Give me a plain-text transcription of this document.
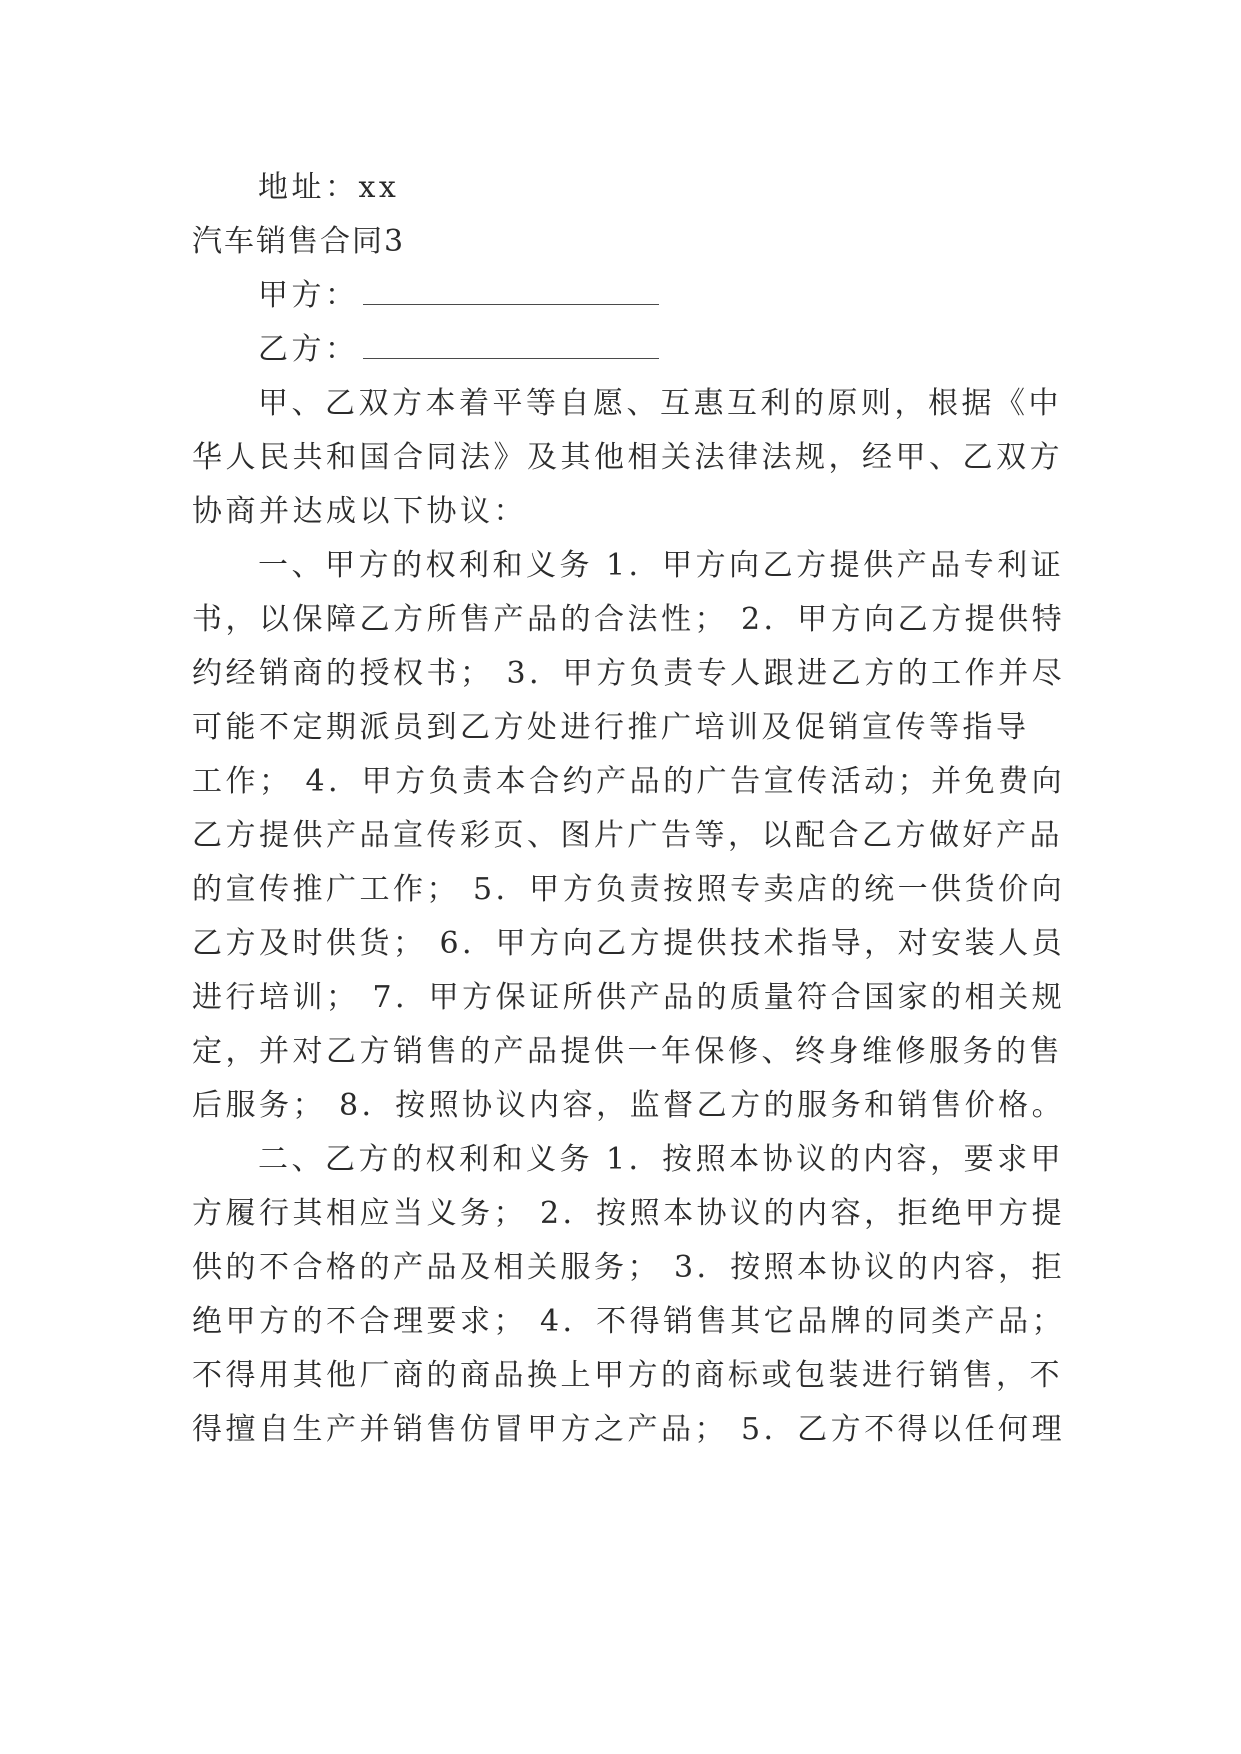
地址：xx
汽车销售合同3
甲方：
乙方：
甲、乙双方本着平等自愿、互惠互利的原则，根据《中
华人民共和国合同法》及其他相关法律法规，经甲、乙双方
协商并达成以下协议：
一、甲方的权利和义务 1．甲方向乙方提供产品专利证
书，以保障乙方所售产品的合法性； 2．甲方向乙方提供特
约经销商的授权书； 3．甲方负责专人跟进乙方的工作并尽
可能不定期派员到乙方处进行推广培训及促销宣传等指导
工作； 4．甲方负责本合约产品的广告宣传活动；并免费向
乙方提供产品宣传彩页、图片广告等，以配合乙方做好产品
的宣传推广工作； 5．甲方负责按照专卖店的统一供货价向
乙方及时供货； 6．甲方向乙方提供技术指导，对安装人员
进行培训； 7．甲方保证所供产品的质量符合国家的相关规
定，并对乙方销售的产品提供一年保修、终身维修服务的售
后服务； 8．按照协议内容，监督乙方的服务和销售价格。
二、乙方的权利和义务 1．按照本协议的内容，要求甲
方履行其相应当义务； 2．按照本协议的内容，拒绝甲方提
供的不合格的产品及相关服务； 3．按照本协议的内容，拒
绝甲方的不合理要求； 4．不得销售其它品牌的同类产品；
不得用其他厂商的商品换上甲方的商标或包装进行销售，不
得擅自生产并销售仿冒甲方之产品； 5．乙方不得以任何理
